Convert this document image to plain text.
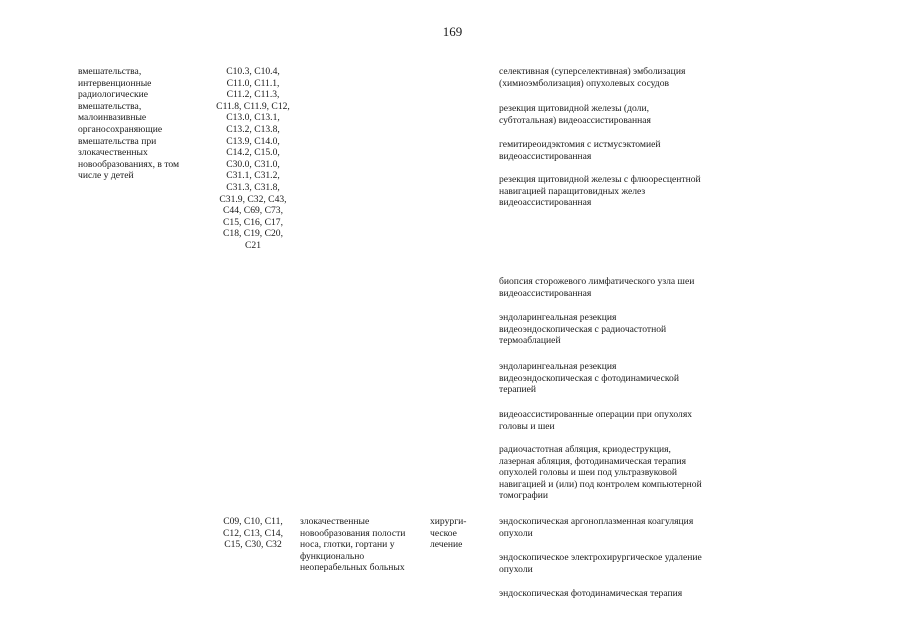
169
вмешательства,
интервенционные
радиологические
вмешательства,
малоинвазивные
органосохраняющие
вмешательства при
злокачественных
новообразованиях, в том
числе у детей
C10.3, C10.4,
C11.0, C11.1,
C11.2, C11.3,
C11.8, C11.9, C12,
C13.0, C13.1,
C13.2, C13.8,
C13.9, C14.0,
C14.2, C15.0,
C30.0, C31.0,
C31.1, C31.2,
C31.3, C31.8,
C31.9, C32, C43,
C44, C69, C73,
C15, C16, C17,
C18, C19, C20,
C21
селективная (суперселективная) эмболизация
(химиоэмболизация) опухолевых сосудов
резекция щитовидной железы (доли,
субтотальная) видеоассистированная
гемитиреоидэктомия с истмусэктомией
видеоассистированная
резекция щитовидной железы с флюоресцентной
навигацией паращитовидных желез
видеоассистированная
биопсия сторожевого лимфатического узла шеи
видеоассистированная
эндоларингеальная резекция
видеоэндоскопическая с радиочастотной
термоаблацией
эндоларингеальная резекция
видеоэндоскопическая с фотодинамической
терапией
видеоассистированные операции при опухолях
головы и шеи
радиочастотная абляция, криодеструкция,
лазерная абляция, фотодинамическая терапия
опухолей головы и шеи под ультразвуковой
навигацией и (или) под контролем компьютерной
томографии
C09, C10, C11,
C12, C13, C14,
C15, C30, C32
злокачественные
новообразования полости
носа, глотки, гортани у
функционально
неоперабельных больных
хирурги-
ческое
лечение
эндоскопическая аргоноплазменная коагуляция
опухоли
эндоскопическое электрохирургическое удаление
опухоли
эндоскопическая фотодинамическая терапия
